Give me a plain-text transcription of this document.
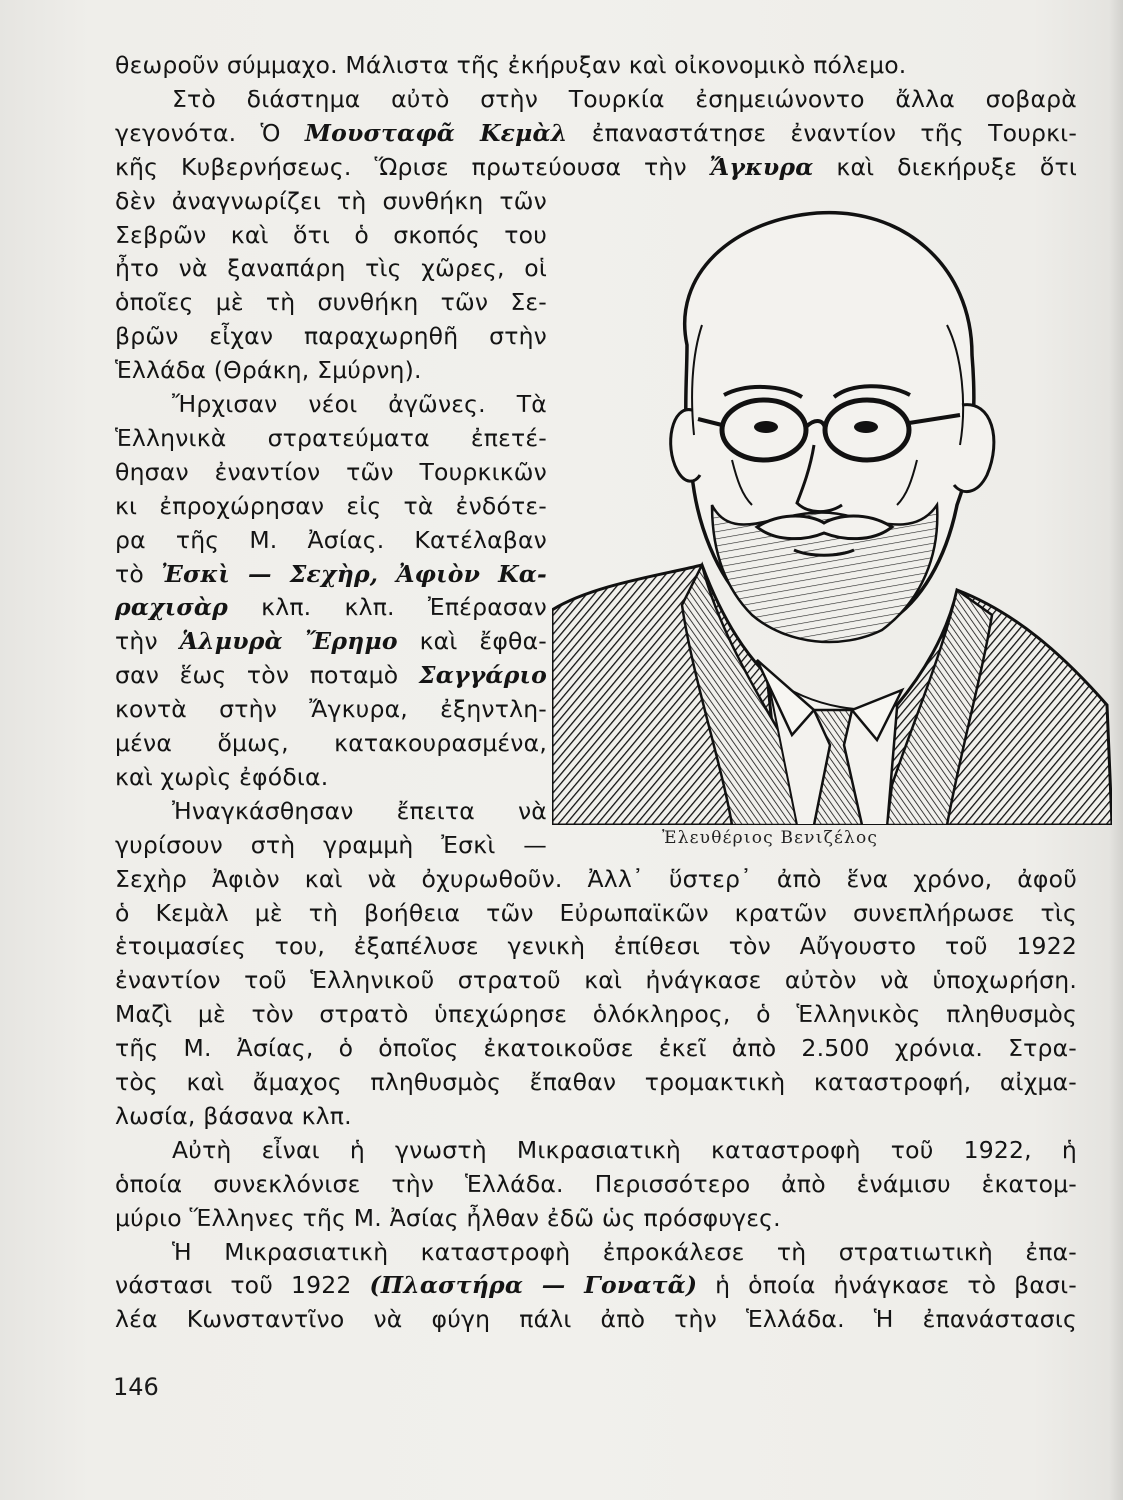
θεωροῦν σύμμαχο. Μάλιστα τῆς ἐκήρυξαν καὶ οἰκονομικὸ πόλεμο.
Στὸ διάστημα αὐτὸ στὴν Τουρκία ἐσημειώνοντο ἄλλα σοβαρὰ
γεγονότα. Ὁ Μουσταφᾶ Κεμὰλ ἐπαναστάτησε ἐναντίον τῆς Τουρκι-
κῆς Κυβερνήσεως. Ὥρισε πρωτεύουσα τὴν Ἄγκυρα καὶ διεκήρυξε ὅτι
δὲν ἀναγνωρίζει τὴ συνθήκη τῶν
Σεβρῶν καὶ ὅτι ὁ σκοπός του
ἦτο νὰ ξαναπάρη τὶς χῶρες, οἱ
ὁποῖες μὲ τὴ συνθήκη τῶν Σε-
βρῶν εἶχαν παραχωρηθῆ στὴν
Ἑλλάδα (Θράκη, Σμύρνη).
Ἤρχισαν νέοι ἀγῶνες. Τὰ
Ἑλληνικὰ στρατεύματα ἐπετέ-
θησαν ἐναντίον τῶν Τουρκικῶν
κι ἐπροχώρησαν εἰς τὰ ἐνδότε-
ρα τῆς Μ. Ἀσίας. Κατέλαβαν
τὸ Ἐσκὶ — Σεχὴρ, Ἀφιὸν Κα-
ραχισὰρ κλπ. κλπ. Ἐπέρασαν
τὴν Ἁλμυρὰ Ἔρημο καὶ ἔφθα-
σαν ἕως τὸν ποταμὸ Σαγγάριο
κοντὰ στὴν Ἄγκυρα, ἐξηντλη-
μένα ὅμως, κατακουρασμένα,
καὶ χωρὶς ἐφόδια.
Ἠναγκάσθησαν ἔπειτα νὰ
γυρίσουν στὴ γραμμὴ Ἐσκὶ —
Σεχὴρ Ἀφιὸν καὶ νὰ ὀχυρωθοῦν. Ἀλλ᾽ ὕστερ᾽ ἀπὸ ἕνα χρόνο, ἀφοῦ
ὁ Κεμὰλ μὲ τὴ βοήθεια τῶν Εὐρωπαϊκῶν κρατῶν συνεπλήρωσε τὶς
ἑτοιμασίες του, ἐξαπέλυσε γενικὴ ἐπίθεσι τὸν Αὔγουστο τοῦ 1922
ἐναντίον τοῦ Ἑλληνικοῦ στρατοῦ καὶ ἠνάγκασε αὐτὸν νὰ ὑποχωρήση.
Μαζὶ μὲ τὸν στρατὸ ὑπεχώρησε ὁλόκληρος, ὁ Ἑλληνικὸς πληθυσμὸς
τῆς Μ. Ἀσίας, ὁ ὁποῖος ἐκατοικοῦσε ἐκεῖ ἀπὸ 2.500 χρόνια. Στρα-
τὸς καὶ ἄμαχος πληθυσμὸς ἔπαθαν τρομακτικὴ καταστροφή, αἰχμα-
λωσία, βάσανα κλπ.
Αὐτὴ εἶναι ἡ γνωστὴ Μικρασιατικὴ καταστροφὴ τοῦ 1922, ἡ
ὁποία συνεκλόνισε τὴν Ἑλλάδα. Περισσότερο ἀπὸ ἑνάμισυ ἑκατομ-
μύριο Ἕλληνες τῆς Μ. Ἀσίας ἦλθαν ἐδῶ ὡς πρόσφυγες.
Ἡ Μικρασιατικὴ καταστροφὴ ἐπροκάλεσε τὴ στρατιωτικὴ ἐπα-
νάστασι τοῦ 1922 (Πλαστήρα — Γονατᾶ) ἡ ὁποία ἠνάγκασε τὸ βασι-
λέα Κωνσταντῖνο νὰ φύγη πάλι ἀπὸ τὴν Ἑλλάδα. Ἡ ἐπανάστασις
Ἐλευθέριος Βενιζέλος
146
